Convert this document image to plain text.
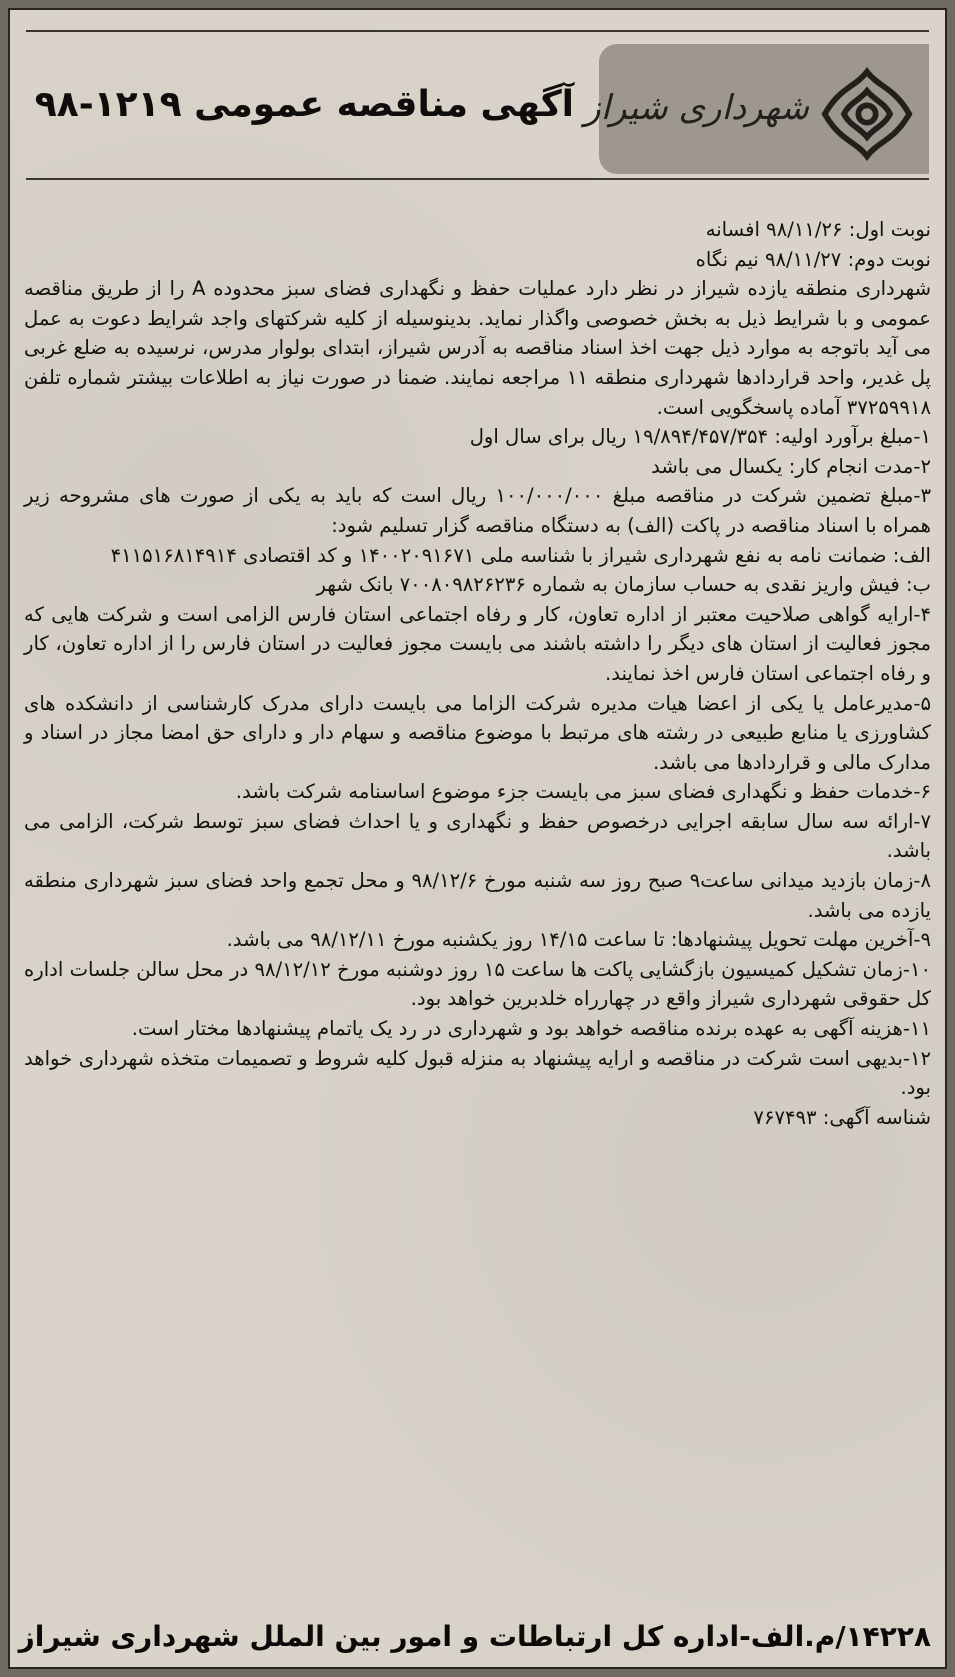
شهرداری شیراز
آگهی مناقصه عمومی ۱۲۱۹-۹۸

نوبت اول: ۹۸/۱۱/۲۶ افسانه

نوبت دوم: ۹۸/۱۱/۲۷ نیم نگاه

شهرداری منطقه یازده شیراز در نظر دارد عملیات حفظ و نگهداری فضای سبز محدوده A را از طریق مناقصه عمومی و با شرایط ذیل به بخش خصوصی واگذار نماید. بدینوسیله از کلیه شرکتهای واجد شرایط دعوت به عمل می آید باتوجه به موارد ذیل جهت اخذ اسناد مناقصه به آدرس شیراز، ابتدای بولوار مدرس، نرسیده به ضلع غربی پل غدیر، واحد قراردادها شهرداری منطقه ۱۱ مراجعه نمایند. ضمنا در صورت نیاز به اطلاعات بیشتر شماره تلفن ۳۷۲۵۹۹۱۸ آماده پاسخگویی است.

۱-مبلغ برآورد اولیه: ۱۹/۸۹۴/۴۵۷/۳۵۴ ریال برای سال اول

۲-مدت انجام کار: یکسال می باشد

۳-مبلغ تضمین شرکت در مناقصه مبلغ ۱۰۰/۰۰۰/۰۰۰ ریال است که باید به یکی از صورت های مشروحه زیر همراه با اسناد مناقصه در پاکت (الف) به دستگاه مناقصه گزار تسلیم شود:

الف: ضمانت نامه به نفع شهرداری شیراز با شناسه ملی ۱۴۰۰۲۰۹۱۶۷۱ و کد اقتصادی ۴۱۱۵۱۶۸۱۴۹۱۴

ب: فیش واریز نقدی به حساب سازمان به شماره ۷۰۰۸۰۹۸۲۶۲۳۶ بانک شهر

۴-ارایه گواهی صلاحیت معتبر از اداره تعاون، کار و رفاه اجتماعی استان فارس الزامی است و شرکت هایی که مجوز فعالیت از استان های دیگر را داشته باشند می بایست مجوز فعالیت در استان فارس را از اداره تعاون، کار و رفاه اجتماعی استان فارس اخذ نمایند.

۵-مدیرعامل یا یکی از اعضا هیات مدیره شرکت الزاما می بایست دارای مدرک کارشناسی از دانشکده های کشاورزی یا منابع طبیعی در رشته های مرتبط با موضوع مناقصه و سهام دار و دارای حق امضا مجاز در اسناد و مدارک مالی و قراردادها می باشد.

۶-خدمات حفظ و نگهداری فضای سبز می بایست جزء موضوع اساسنامه شرکت باشد.

۷-ارائه سه سال سابقه اجرایی درخصوص حفظ و نگهداری و یا احداث فضای سبز توسط شرکت، الزامی می باشد.

۸-زمان بازدید میدانی ساعت۹ صبح روز سه شنبه مورخ ۹۸/۱۲/۶ و محل تجمع واحد فضای سبز شهرداری منطقه یازده می باشد.

۹-آخرین مهلت تحویل پیشنهادها: تا ساعت ۱۴/۱۵ روز یکشنبه مورخ ۹۸/۱۲/۱۱ می باشد.

۱۰-زمان تشکیل کمیسیون بازگشایی پاکت ها ساعت ۱۵ روز دوشنبه مورخ ۹۸/۱۲/۱۲ در محل سالن جلسات اداره کل حقوقی شهرداری شیراز واقع در چهارراه خلدبرین خواهد بود.

۱۱-هزینه آگهی به عهده برنده مناقصه خواهد بود و شهرداری در رد یک یاتمام پیشنهادها مختار است.

۱۲-بدیهی است شرکت در مناقصه و ارایه پیشنهاد به منزله قبول کلیه شروط و تصمیمات متخذه شهرداری خواهد بود.

شناسه آگهی: ۷۶۷۴۹۳

۱۴۲۲۸/م.الف-اداره کل ارتباطات و امور بین الملل شهرداری شیراز
